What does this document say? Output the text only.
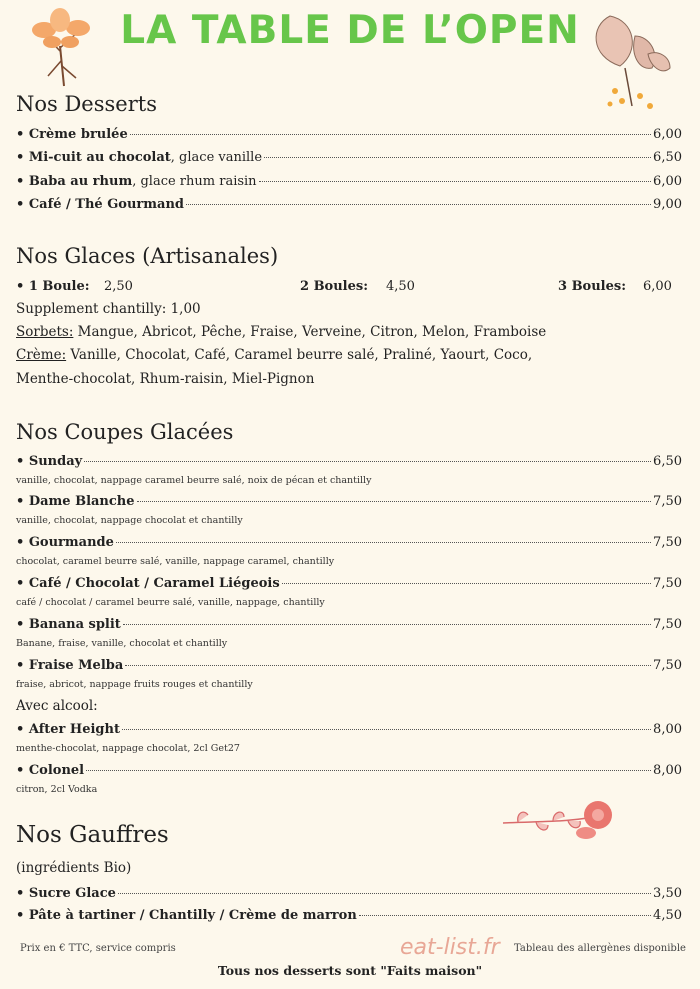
LA TABLE DE L’OPEN
Nos Desserts
• Crème brulée	6,00
• Mi-cuit au chocolat, glace vanille	6,50
• Baba au rhum, glace rhum raisin	6,00
• Café / Thé Gourmand	9,00
Nos Glaces (Artisanales)
• 1 Boule: 2,50	2 Boules: 4,50	3 Boules: 6,00
Supplement chantilly: 1,00
Sorbets: Mangue, Abricot, Pêche, Fraise, Verveine, Citron, Melon, Framboise
Crème: Vanille, Chocolat, Café, Caramel beurre salé, Praliné, Yaourt, Coco,
Menthe-chocolat, Rhum-raisin, Miel-Pignon
Nos Coupes Glacées
• Sunday	6,50
vanille, chocolat, nappage caramel beurre salé, noix de pécan et chantilly
• Dame Blanche	7,50
vanille, chocolat, nappage chocolat et chantilly
• Gourmande	7,50
chocolat, caramel beurre salé, vanille, nappage caramel, chantilly
• Café / Chocolat / Caramel Liégeois	7,50
café / chocolat / caramel beurre salé, vanille, nappage, chantilly
• Banana split	7,50
Banane, fraise, vanille, chocolat et chantilly
• Fraise Melba	7,50
fraise, abricot, nappage fruits rouges et chantilly
Avec alcool:
• After Height	8,00
menthe-chocolat, nappage chocolat, 2cl Get27
• Colonel	8,00
citron, 2cl Vodka
Nos Gauffres
(ingrédients Bio)
• Sucre Glace	3,50
• Pâte à tartiner / Chantilly / Crème de marron	4,50
Prix en € TTC, service compris	Tableau des allergènes disponible
eat-list.fr
Tous nos desserts sont "Faits maison"
